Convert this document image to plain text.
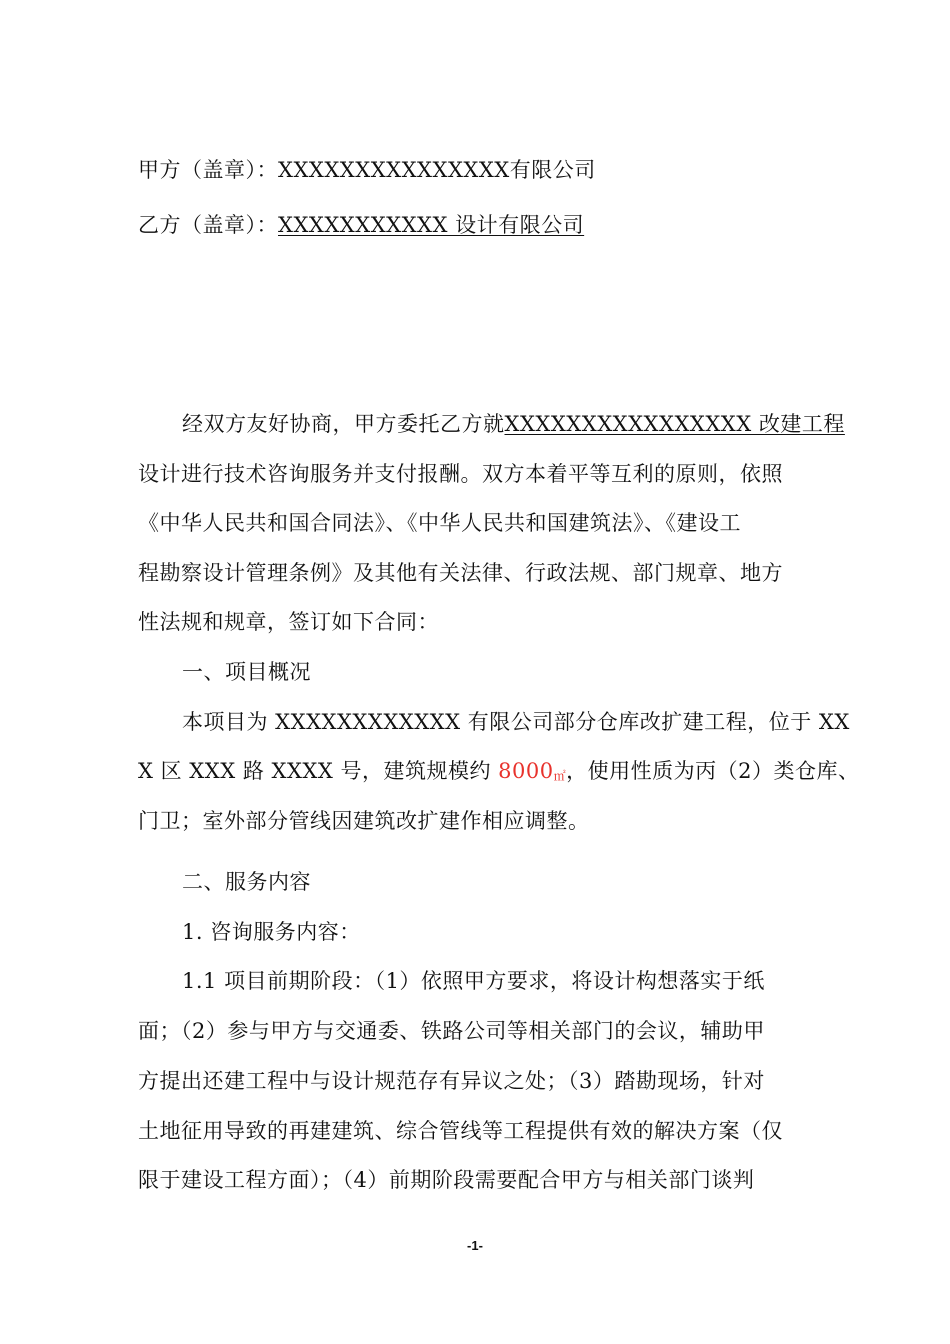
甲方（盖章）：XXXXXXXXXXXXXXX有限公司
乙方（盖章）：XXXXXXXXXXX 设计有限公司
经双方友好协商，甲方委托乙方就XXXXXXXXXXXXXXXX 改建工程
设计进行技术咨询服务并支付报酬。双方本着平等互利的原则，依照
《中华人民共和国合同法》、《中华人民共和国建筑法》、《建设工
程勘察设计管理条例》及其他有关法律、行政法规、部门规章、地方
性法规和规章，签订如下合同：
一、项目概况
本项目为 XXXXXXXXXXXX 有限公司部分仓库改扩建工程，位于 XX
X 区 XXX 路 XXXX 号，建筑规模约 8000㎡，使用性质为丙（2）类仓库、
门卫；室外部分管线因建筑改扩建作相应调整。
二、服务内容
1. 咨询服务内容：
1.1 项目前期阶段：（1）依照甲方要求，将设计构想落实于纸
面；（2）参与甲方与交通委、铁路公司等相关部门的会议，辅助甲
方提出还建工程中与设计规范存有异议之处；（3）踏勘现场，针对
土地征用导致的再建建筑、综合管线等工程提供有效的解决方案（仅
限于建设工程方面）；（4）前期阶段需要配合甲方与相关部门谈判
-1-
